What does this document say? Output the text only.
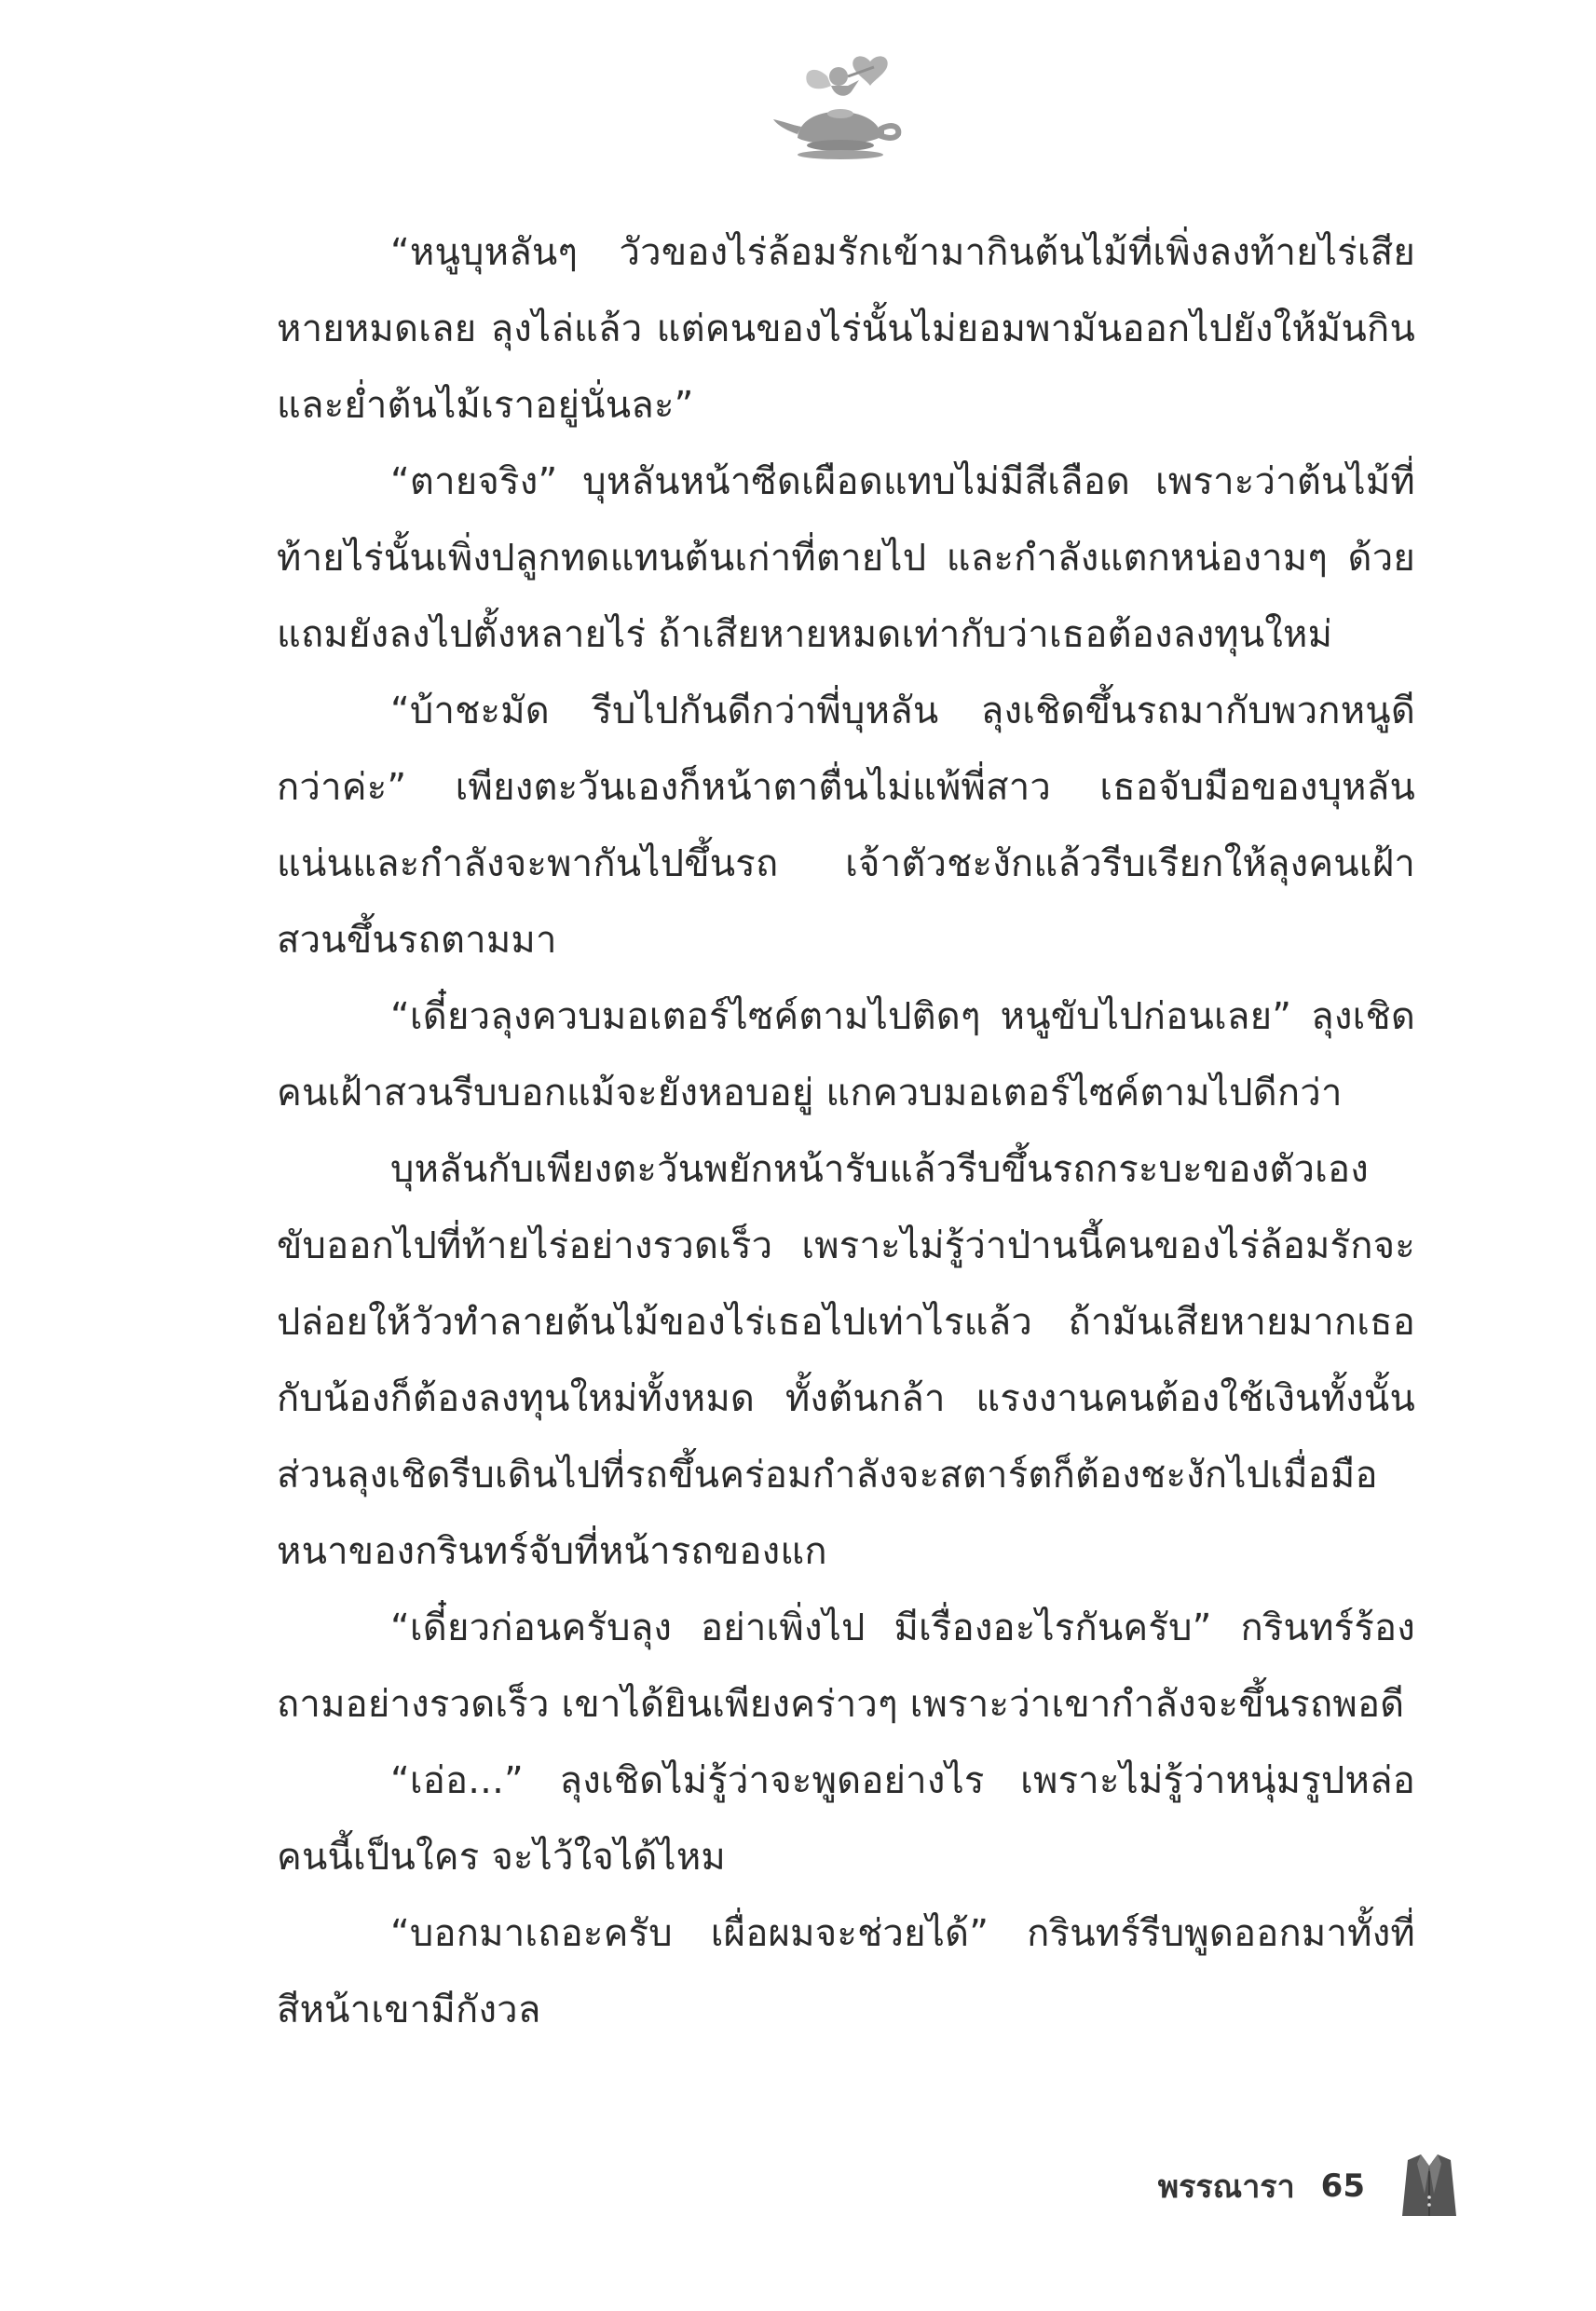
“หนูบุหลันๆ วัวของไร่ล้อมรักเข้ามากินต้นไม้ที่เพิ่งลงท้ายไร่เสียหายหมดเลย ลุงไล่แล้ว แต่คนของไร่นั้นไม่ยอมพามันออกไปยังให้มันกินและย่ำต้นไม้เราอยู่นั่นละ”

“ตายจริง” บุหลันหน้าซีดเผือดแทบไม่มีสีเลือด เพราะว่าต้นไม้ที่ท้ายไร่นั้นเพิ่งปลูกทดแทนต้นเก่าที่ตายไป และกำลังแตกหน่องามๆ ด้วย แถมยังลงไปตั้งหลายไร่ ถ้าเสียหายหมดเท่ากับว่าเธอต้องลงทุนใหม่

“บ้าชะมัด รีบไปกันดีกว่าพี่บุหลัน ลุงเชิดขึ้นรถมากับพวกหนูดีกว่าค่ะ” เพียงตะวันเองก็หน้าตาตื่นไม่แพ้พี่สาว เธอจับมือของบุหลันแน่นและกำลังจะพากันไปขึ้นรถ เจ้าตัวชะงักแล้วรีบเรียกให้ลุงคนเฝ้าสวนขึ้นรถตามมา

“เดี๋ยวลุงควบมอเตอร์ไซค์ตามไปติดๆ หนูขับไปก่อนเลย” ลุงเชิดคนเฝ้าสวนรีบบอกแม้จะยังหอบอยู่ แกควบมอเตอร์ไซค์ตามไปดีกว่า

บุหลันกับเพียงตะวันพยักหน้ารับแล้วรีบขึ้นรถกระบะของตัวเองขับออกไปที่ท้ายไร่อย่างรวดเร็ว เพราะไม่รู้ว่าป่านนี้คนของไร่ล้อมรักจะปล่อยให้วัวทำลายต้นไม้ของไร่เธอไปเท่าไรแล้ว ถ้ามันเสียหายมากเธอกับน้องก็ต้องลงทุนใหม่ทั้งหมด ทั้งต้นกล้า แรงงานคนต้องใช้เงินทั้งนั้น ส่วนลุงเชิดรีบเดินไปที่รถขึ้นคร่อมกำลังจะสตาร์ตก็ต้องชะงักไปเมื่อมือหนาของกรินทร์จับที่หน้ารถของแก

“เดี๋ยวก่อนครับลุง อย่าเพิ่งไป มีเรื่องอะไรกันครับ” กรินทร์ร้องถามอย่างรวดเร็ว เขาได้ยินเพียงคร่าวๆ เพราะว่าเขากำลังจะขึ้นรถพอดี

“เอ่อ...” ลุงเชิดไม่รู้ว่าจะพูดอย่างไร เพราะไม่รู้ว่าหนุ่มรูปหล่อคนนี้เป็นใคร จะไว้ใจได้ไหม

“บอกมาเถอะครับ เผื่อผมจะช่วยได้” กรินทร์รีบพูดออกมาทั้งที่สีหน้าเขามีกังวล

พรรณารา 65
